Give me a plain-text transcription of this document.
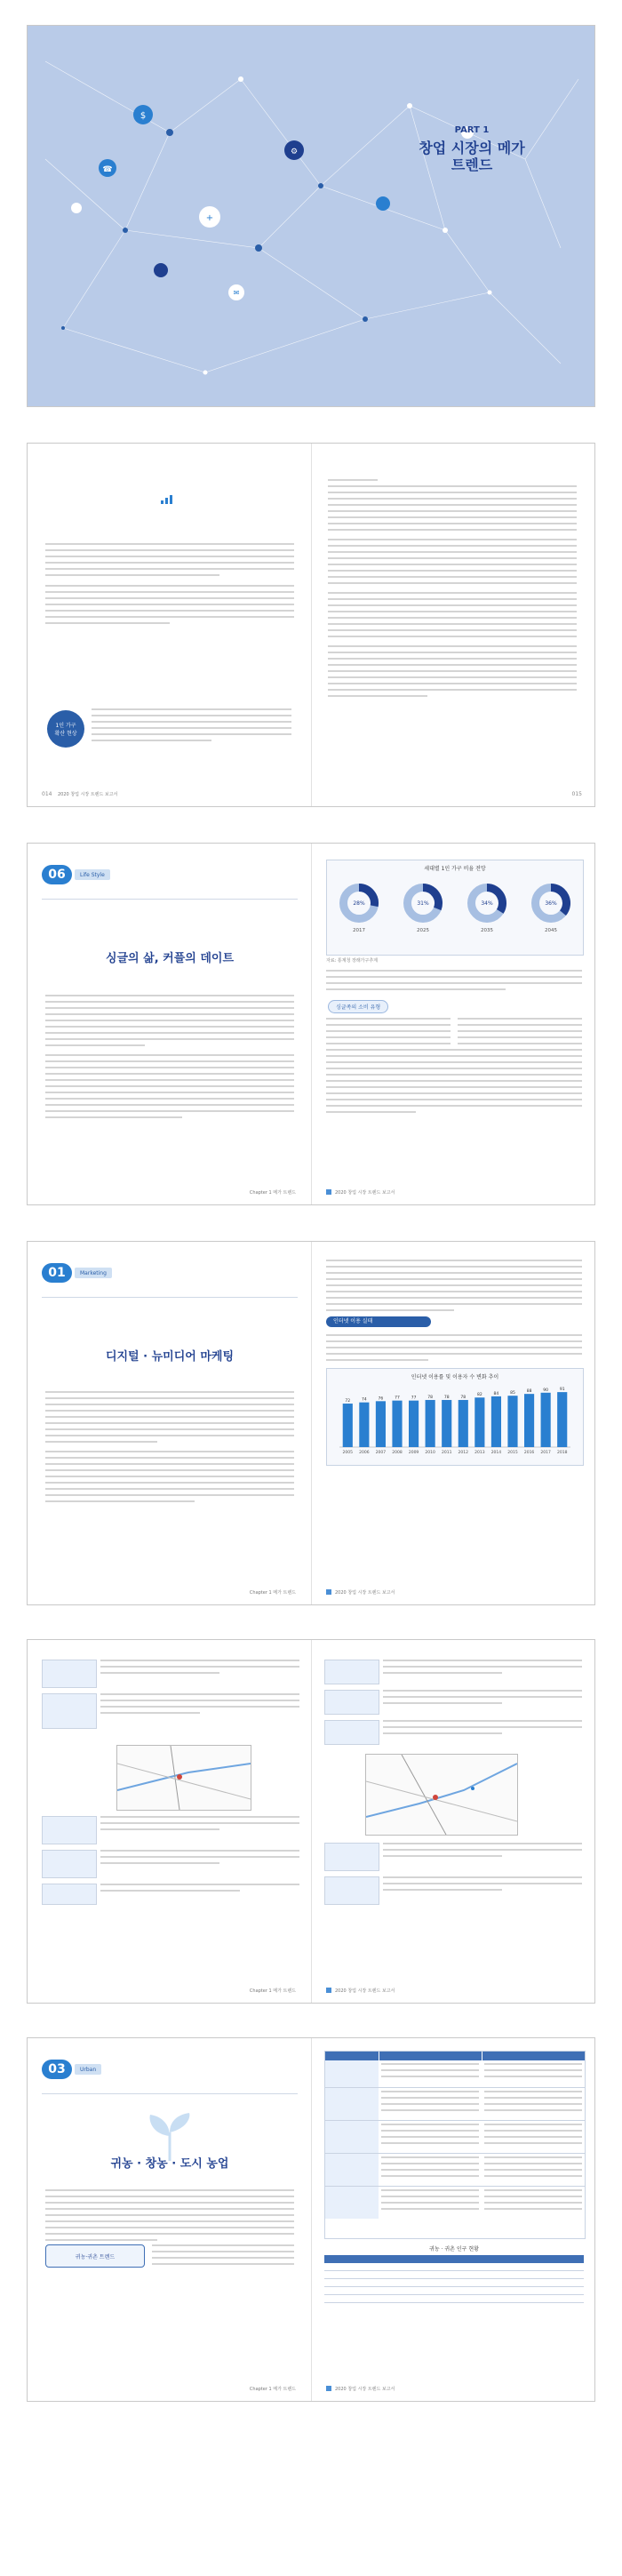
$
+
⚙
☎
✉
PART 1
창업 시장의 메가 트렌드
1인 가구
확산 현상
014 2020 창업 시장 트렌드 보고서	015
06	Life Style
싱글의 삶, 커플의 데이트
Chapter 1 메가 트렌드
세대별 1인 가구 비율 전망
28%
2017
31%
2025
34%
2035
36%
2045
자료: 통계청 장래가구추계
싱글족의 소비 유형
2020 창업 시장 트렌드 보고서
01	Marketing
디지털 · 뉴미디어 마케팅
Chapter 1 메가 트렌드
인터넷 이용 실태
인터넷 이용률 및 이용자 수 변화 추이
72
2005
74
2006
76
2007
77
2008
77
2009
78
2010
78
2011
78
2012
82
2013
84
2014
85
2015
88
2016
90
2017
91
2018
2020 창업 시장 트렌드 보고서
Chapter 1 메가 트렌드	2020 창업 시장 트렌드 보고서
03	Urban
귀농 · 창농 · 도시 농업
귀농·귀촌 트렌드
Chapter 1 메가 트렌드
귀농 · 귀촌 인구 현황
2020 창업 시장 트렌드 보고서
